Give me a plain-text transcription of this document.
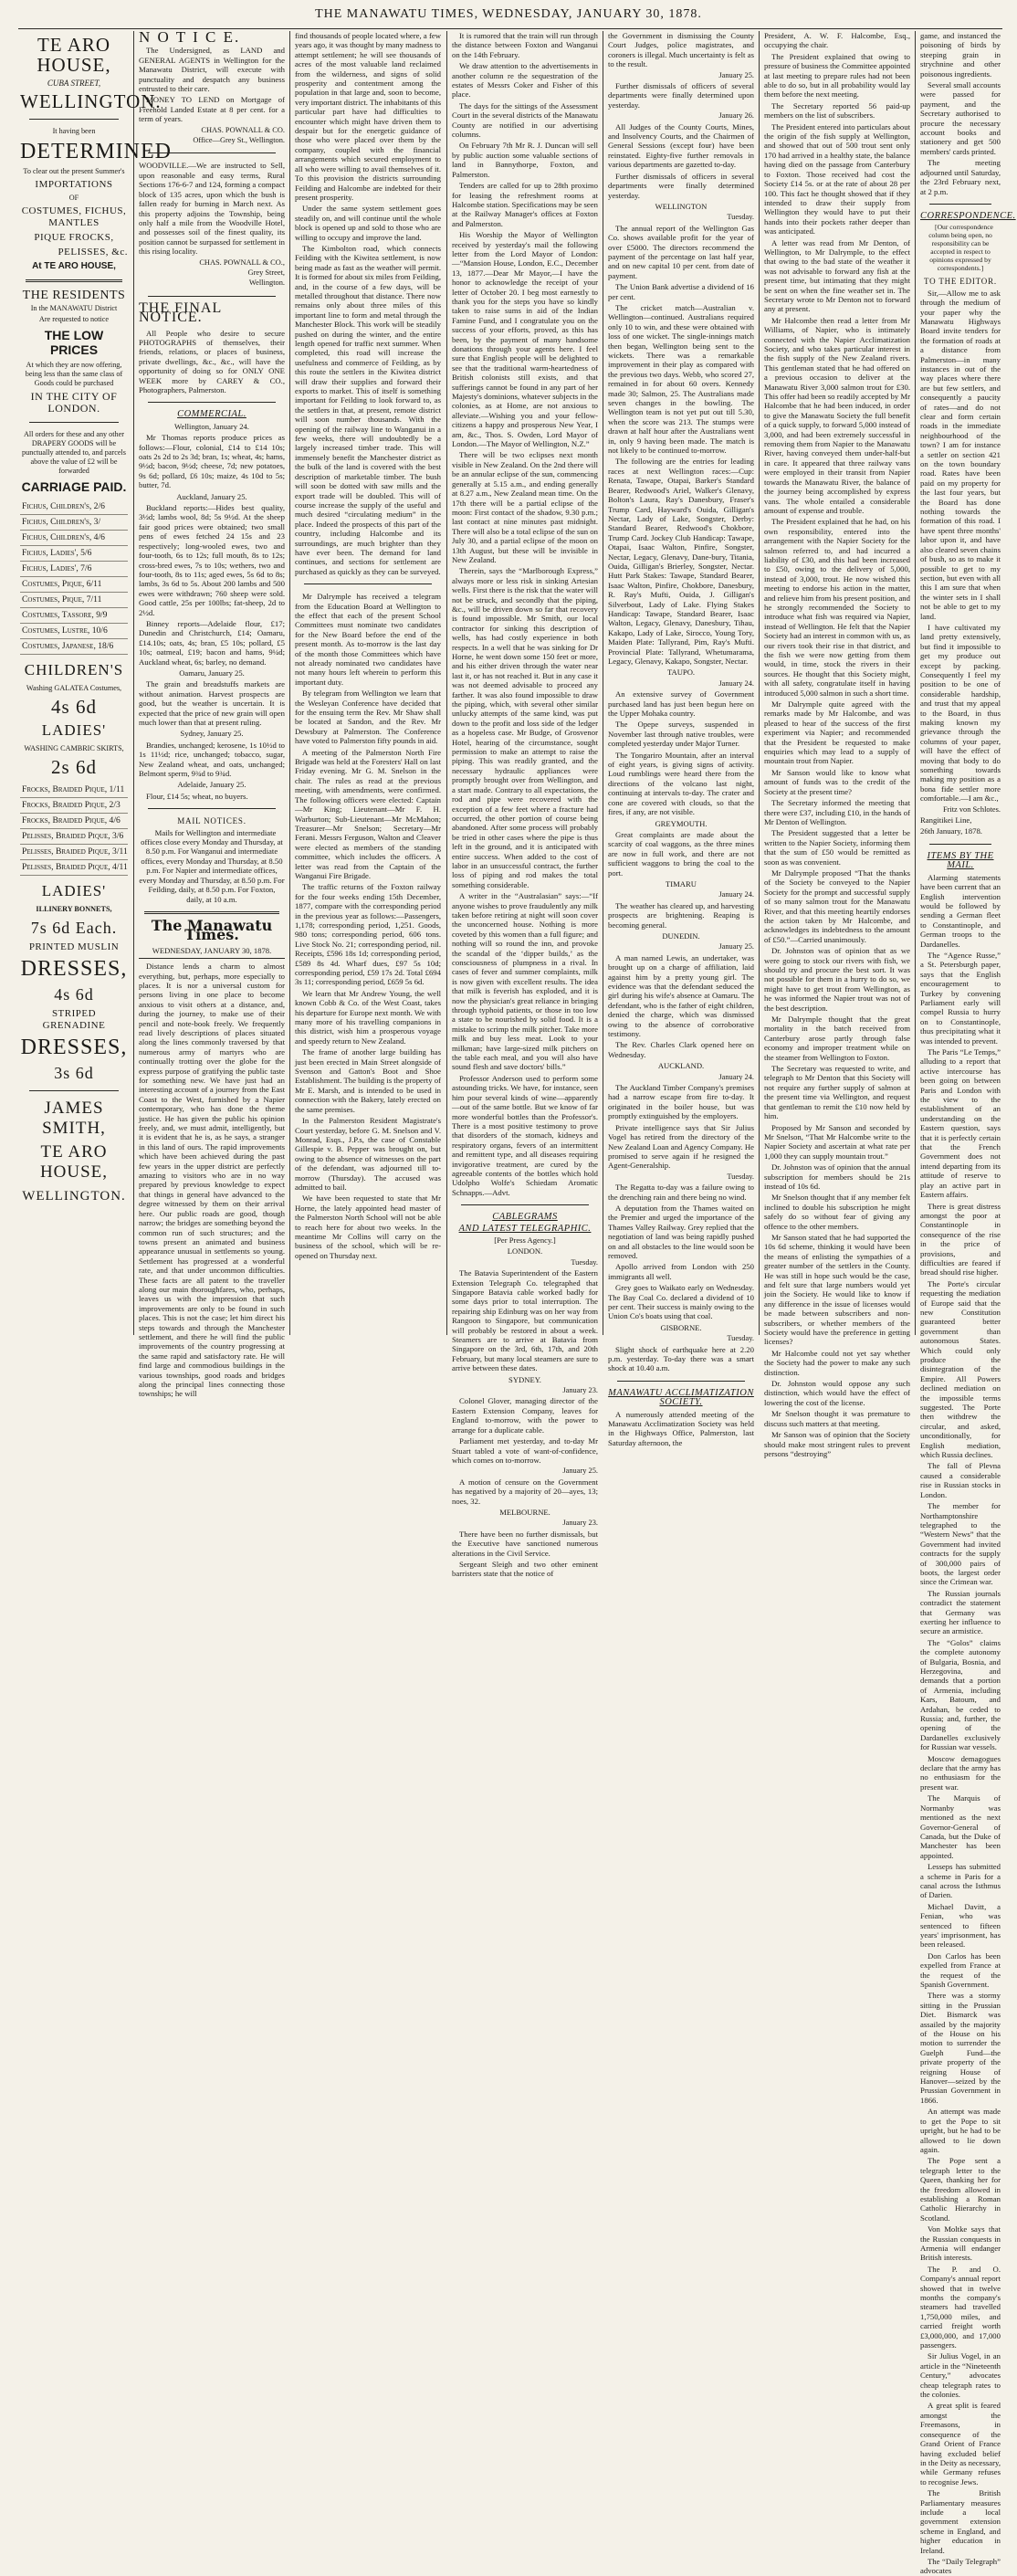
THE MANAWATU TIMES, WEDNESDAY, JANUARY 30, 1878.
TE ARO HOUSE,
CUBA STREET,
WELLINGTON.
It having been
DETERMINED
To clear out the present Summer's
IMPORTATIONS
OF
COSTUMES, FICHUS, MANTLES
PIQUE FROCKS,
PELISSES, &c.
At TE ARO HOUSE,
THE RESIDENTS
In the MANAWATU District
Are requested to notice
THE LOW PRICES
At which they are now offering, being less than the same class of Goods could be purchased
IN THE CITY OF LONDON.
All orders for these and any other DRAPERY GOODS will be punctually attended to, and parcels above the value of £2 will be forwarded
CARRIAGE PAID.
Fichus, Children's, 2/6
Fichus, Children's, 3/
Fichus, Children's, 4/6
Fichus, Ladies', 5/6
Fichus, Ladies', 7/6
Costumes, Pique, 6/11
Costumes, Pique, 7/11
Costumes, Tassore, 9/9
Costumes, Lustre, 10/6
Costumes, Japanese, 18/6
CHILDREN'S
Washing GALATEA Costumes,
4s 6d
LADIES'
WASHING CAMBRIC SKIRTS,
2s 6d
Frocks, Braided Pique, 1/11
Frocks, Braided Pique, 2/3
Frocks, Braided Pique, 4/6
Pelisses, Braided Pique, 3/6
Pelisses, Braided Pique, 3/11
Pelisses, Braided Pique, 4/11
LADIES'
ILLINERY BONNETS,
7s 6d Each.
PRINTED MUSLIN
DRESSES,
4s 6d
STRIPED GRENADINE
DRESSES,
3s 6d
JAMES SMITH,
TE ARO HOUSE,
WELLINGTON.
N O T I C E.
The Undersigned, as LAND and GENERAL AGENTS in Wellington for the Manawatu District, will execute with punctuality and despatch any business entrusted to their care.
MONEY TO LEND on Mortgage of Freehold Landed Estate at 8 per cent. for a term of years.
CHAS. POWNALL & CO.
Office—Grey St., Wellington.
WOODVILLE.—We are instructed to Sell, upon reasonable and easy terms, Rural Sections 176-6-7 and 124, forming a compact block of 135 acres, upon which the bush is fallen ready for burning in March next. As this property adjoins the Township, being only half a mile from the Woodville Hotel, and possesses soil of the finest quality, its position cannot be surpassed for settlement in this rising locality.
CHAS. POWNALL & CO.,
Grey Street,
Wellington.
THE FINAL NOTICE.
All People who desire to secure PHOTOGRAPHS of themselves, their friends, relations, or places of business, private dwellings, &c., &c., will have the opportunity of doing so for ONLY ONE WEEK more by CAREY & CO., Photographers, Palmerston.
COMMERCIAL.
Wellington, January 24.
Mr Thomas reports produce prices as follows:—Flour, colonial, £14 to £14 10s; oats 2s 2d to 2s 3d; bran, 1s; wheat, 4s; hams, 9½d; bacon, 9½d; cheese, 7d; new potatoes, 9s 6d; pollard, £6 10s; maize, 4s 10d to 5s; butter, 7d.
Auckland, January 25.
Buckland reports:—Hides best quality, 3½d; lambs wool, 8d; 5s 9½d. At the sheep fair good prices were obtained; two small pens of ewes fetched 24 15s and 23 respectively; long-wooled ewes, two and four-tooth, 6s to 12s; full mouth, 8s to 12s; cross-bred ewes, 7s to 10s; wethers, two and four-tooth, 8s to 11s; aged ewes, 5s 6d to 8s; lambs, 3s 6d to 5s. About 200 lambs and 500 ewes were withdrawn; 760 sheep were sold. Good cattle, 25s per 100lbs; fat-sheep, 2d to 2½d.
Binney reports—Adelaide flour, £17; Dunedin and Christchurch, £14; Oamaru, £14.10s; oats, 4s; bran, £5 10s; pollard, £5 10s; oatmeal, £19; bacon and hams, 9¼d; Auckland wheat, 6s; barley, no demand.
Oamaru, January 25.
The grain and breadstuffs markets are without animation. Harvest prospects are good, but the weather is uncertain. It is expected that the price of new grain will open much lower than that at present ruling.
Sydney, January 25.
Brandies, unchanged; kerosene, 1s 10½d to 1s 11½d; rice, unchanged; tobacco, sugar, New Zealand wheat, and oats, unchanged; Belmont sperm, 9¾d to 9¾d.
Adelaide, January 25.
Flour, £14 5s; wheat, no buyers.
MAIL NOTICES.
Mails for Wellington and intermediate offices close every Monday and Thursday, at 8.50 p.m. For Wanganui and intermediate offices, every Monday and Thursday, at 8.50 p.m. For Napier and intermediate offices, every Monday and Thursday, at 8.50 p.m. For Feilding, daily, at 8.50 p.m. For Foxton, daily, at 10 a.m.
The Manawatu Times.
WEDNESDAY, JANUARY 30, 1878.
Distance lends a charm to almost everything, but, perhaps, more especially to places. It is nor a universal custom for persons living in one place to become anxious to visit others at a distance, and, during the journey, to make use of their pencil and note-book freely. We frequently read lively descriptions of places situated along the lines commonly traversed by that numerous army of martyrs who are continually trotting over the globe for the express purpose of gratifying the public taste for something new. We have just had an interesting account of a journey from the East Coast to the West, furnished by a Napier contemporary, who has done the theme justice. He has given the public his opinion freely, and, we must admit, intelligently, but it is evident that he is, as he says, a stranger in this land of ours. The rapid improvements which have been achieved during the past few years in the upper district are perfectly amazing to visitors who are in no way prepared by previous knowledge to expect that things in general have advanced to the degree witnessed by them on their arrival here. Our public roads are good, though narrow; the bridges are something beyond the common run of such structures; and the towns present an animated and business appearance unusual in settlements so young. Settlement has progressed at a wonderful rate, and that under uncommon difficulties. These facts are all patent to the traveller along our main thoroughfares, who, perhaps, leaves us with the impression that such improvements are only to be found in such places. This is not the case; let him direct his steps towards and through the Manchester settlement, and there he will find the public improvements of the country progressing at the same rapid and satisfactory rate. He will find large and commodious buildings in the various townships, good roads and bridges along the principal lines connecting those townships; he will
find thousands of people located where, a few years ago, it was thought by many madness to attempt settlement; he will see thousands of acres of the most valuable land reclaimed from the wilderness, and signs of solid prosperity and contentment among the population in that large and, soon to become, very important district. The inhabitants of this particular part have had difficulties to encounter which might have driven them to despair but for the energetic guidance of those who were placed over them by the company, coupled with the financial arrangements which secured employment to all who were willing to avail themselves of it. To this provision the districts surrounding Feilding and Halcombe are indebted for their present prosperity.
Under the same system settlement goes steadily on, and will continue until the whole block is opened up and sold to those who are willing to occupy and improve the land.
The Kimbolton road, which connects Feilding with the Kiwitea settlement, is now being made as fast as the weather will permit. It is formed for about six miles from Feilding, and, in the course of a few days, will be metalled throughout that distance. There now remains only about three miles of this important line to form and metal through the Manchester Block. This work will be steadily pushed on during the winter, and the entire length opened for traffic next summer. When completed, this road will increase the usefulness and commerce of Feilding, as by this route the settlers in the Kiwitea district will draw their supplies and forward their exports to market. This of itself is something important for Feilding to look forward to, as the settlers in that, at present, remote district will soon number thousands. With the opening of the railway line to Wanganui in a few weeks, there will undoubtedly be a largely increased timber trade. This will immensely benefit the Manchester district as the bulk of the land is covered with the best description of marketable timber. The bush will soon be dotted with saw mills and the export trade will be doubled. This will of course increase the supply of the useful and much desired “circulating medium” in the place. Indeed the prospects of this part of the country, including Halcombe and its surroundings, are much brighter than they have ever been. The demand for land continues, and sections for settlement are purchased as quickly as they can be surveyed.
Mr Dalrymple has received a telegram from the Education Board at Wellington to the effect that each of the present School Committees must nominate two candidates for the New Board before the end of the present month. As to-morrow is the last day of the month those Committees which have not already nominated two candidates have not many hours left wherein to perform this important duty.
By telegram from Wellington we learn that the Wesleyan Conference have decided that for the ensuing term the Rev. Mr Shaw shall be located at Sandon, and the Rev. Mr Dewsbury at Palmerston. The Conference have voted to Palmerston fifty pounds in aid.
A meeting of the Palmerston North Fire Brigade was held at the Foresters' Hall on last Friday evening. Mr G. M. Snelson in the chair. The rules as read at the previous meeting, with amendments, were confirmed. The following officers were elected: Captain—Mr King; Lieutenant—Mr F. H. Warburton; Sub-Lieutenant—Mr McMahon; Treasurer—Mr Snelson; Secretary—Mr Ferani. Messrs Ferguson, Walton and Cleaver were elected as members of the standing committee, which includes the officers. A letter was read from the Captain of the Wanganui Fire Brigade.
The traffic returns of the Foxton railway for the four weeks ending 15th December, 1877, compare with the corresponding period in the previous year as follows:—Passengers, 1,178; corresponding period, 1,251. Goods, 980 tons; corresponding period, 606 tons. Live Stock No. 21; corresponding period, nil. Receipts, £596 18s 1d; corresponding period, £589 8s 4d. Wharf dues, £97 5s 10d; corresponding period, £59 17s 2d. Total £694 3s 11; corresponding period, £659 5s 6d.
We learn that Mr Andrew Young, the well known Cobb & Co. of the West Coast, takes his departure for Europe next month. We with many more of his travelling companions in this district, wish him a prosperous voyage and speedy return to New Zealand.
The frame of another large building has just been erected in Main Street alongside of Svenson and Gatton's Boot and Shoe Establishment. The building is the property of Mr E. Marsh, and is intended to be used in connection with the Bakery, lately erected on the same premises.
In the Palmerston Resident Magistrate's Court yesterday, before G. M. Snelson and V. Monrad, Esqs., J.P.s, the case of Constable Gillespie v. B. Pepper was brought on, but owing to the absence of witnesses on the part of the defendant, was adjourned till to-morrow (Thursday). The accused was admitted to bail.
We have been requested to state that Mr Horne, the lately appointed head master of the Palmerston North School will not be able to reach here for about two weeks. In the meantime Mr Collins will carry on the business of the school, which will be re-opened on Thursday next.
It is rumored that the train will run through the distance between Foxton and Wanganui on the 14th February.
We draw attention to the advertisements in another column re the sequestration of the estates of Messrs Coker and Fisher of this place.
The days for the sittings of the Assessment Court in the several districts of the Manawatu County are notified in our advertising columns.
On February 7th Mr R. J. Duncan will sell by public auction some valuable sections of land in Bannythorpe, Foxton, and Palmerston.
Tenders are called for up to 28th proximo for leasing the refreshment rooms at Halcombe station. Specifications may be seen at the Railway Manager's offices at Foxton and Palmerston.
His Worship the Mayor of Wellington received by yesterday's mail the following letter from the Lord Mayor of London:—“Mansion House, London, E.C., December 13, 1877.—Dear Mr Mayor,—I have the honor to acknowledge the receipt of your letter of October 20. I beg most earnestly to thank you for the steps you have so kindly taken to raise sums in aid of the Indian Famine Fund, and I congratulate you on the success of your efforts, proved, as this has been, by the payment of many handsome donations through your agents here. I feel sure that English people will be delighted to see that the traditional warm-heartedness of British colonists still exists, and that sufferings cannot be found in any part of her Majesty's dominions, whatever subjects in the colonies, as at Home, are not anxious to alleviate.—Wishing you and your fellow-citizens a happy and prosperous New Year, I am, &c., Thos. S. Owden, Lord Mayor of London.—The Mayor of Wellington, N.Z.”
There will be two eclipses next month visible in New Zealand. On the 2nd there will be an annular eclipse of the sun, commencing generally at 5.15 a.m., and ending generally at 8.27 a.m., New Zealand mean time. On the 17th there will be a partial eclipse of the moon: First contact of the shadow, 9.30 p.m.; last contact at nine minutes past midnight. There will also be a total eclipse of the sun on July 30, and a partial eclipse of the moon on 13th August, but these will be invisible in New Zealand.
Therein, says the “Marlborough Express,” always more or less risk in sinking Artesian wells. First there is the risk that the water will not be struck, and secondly that the piping, &c., will be driven down so far that recovery is found impossible. Mr Smith, our local contractor for sinking this description of wells, has had costly experience in both respects. In a well that he was sinking for Dr Horne, he went down some 150 feet or more, and his either driven through the water near last it, or has not reached it. But in any case it was not deemed advisable to proceed any farther. It was also found impossible to draw the piping, which, with several other similar unlucky attempts of the same kind, was put down to the profit and loss side of the ledger as a hopeless case. Mr Budge, of Grosvenor Hotel, hearing of the circumstance, sought permission to make an attempt to raise the piping. This was readily granted, and the necessary hydraulic appliances were promptly brought over from Wellington, and a start made. Contrary to all expectations, the rod and pipe were recovered with the exception of a few feet where a fracture had occurred, the other portion of course being abandoned. After some process will probably be tried in other cases where the pipe is thus left in the ground, and it is anticipated with entire success. When added to the cost of labor in an unsuccessful contract, the further loss of piping and rod makes the total something considerable.
A writer in the “Australasian” says:—“If anyone wishes to prove fraudulently any milk taken before retiring at night will soon cover the unconcerned house. Nothing is more coveted by this women than a full figure; and nothing will so round the inn, and provoke the scandal of the ‘dipper builds,’ as the consciousness of plumpness in a rival. In cases of fever and summer complaints, milk is now given with excellent results. The idea that milk is feverish has exploded, and it is now the physician's great reliance in bringing through typhoid patients, or those in too low a state to be nourished by solid food. It is a mistake to scrimp the milk pitcher. Take more milk and buy less meat. Look to your milkman; have large-sized milk pitchers on the table each meal, and you will also have sound flesh and save doctors' bills.”
Professor Anderson used to perform some astounding tricks. We have, for instance, seen him pour several kinds of wine—apparently—out of the same bottle. But we know of far more wonderful bottles than the Professor's. There is a most positive testimony to prove that disorders of the stomach, kidneys and respiratory organs, fevers of an intermittent and remittent type, and all diseases requiring invigorative treatment, are cured by the agreeable contents of the bottles which hold Udolpho Wolfe's Schiedam Aromatic Schnapps.—Advt.
CABLEGRAMS
AND LATEST TELEGRAPHIC.
[Per Press Agency.]
LONDON.
Tuesday.
The Batavia Superintendent of the Eastern Extension Telegraph Co. telegraphed that Singapore Batavia cable worked badly for some days prior to total interruption. The repairing ship Edinburg was on her way from Rangoon to Singapore, but communication will probably be restored in about a week. Steamers are to arrive at Batavia from Singapore on the 3rd, 6th, 17th, and 20th February, but many local steamers are sure to arrive between these dates.
SYDNEY.
January 23.
Colonel Glover, managing director of the Eastern Extension Company, leaves for England to-morrow, with the power to arrange for a duplicate cable.
Parliament met yesterday, and to-day Mr Stuart tabled a vote of want-of-confidence, which comes on to-morrow.
January 25.
A motion of censure on the Government has negatived by a majority of 20—ayes, 13; noes, 32.
MELBOURNE.
January 23.
There have been no further dismissals, but the Executive have sanctioned numerous alterations in the Civil Service.
Sergeant Sleigh and two other eminent barristers state that the notice of
the Government in dismissing the County Court Judges, police magistrates, and coroners is illegal. Much uncertainty is felt as to the result.
January 25.
Further dismissals of officers of several departments were finally determined upon yesterday.
January 26.
All Judges of the County Courts, Mines, and Insolvency Courts, and the Chairmen of General Sessions (except four) have been reinstated. Eighty-five further removals in various departments are gazetted to-day.
Further dismissals of officers in several departments were finally determined yesterday.
WELLINGTON
Tuesday.
The annual report of the Wellington Gas Co. shows available profit for the year of over £5000. The directors recommend the payment of the percentage on last half year, and on new capital 10 per cent. from date of payment.
The Union Bank advertise a dividend of 16 per cent.
The cricket match—Australian v. Wellington—continued. Australians required only 10 to win, and these were obtained with loss of one wicket. The single-innings match then began, Wellington being sent to the wickets. There was a remarkable improvement in their play as compared with the previous two days. Webb, who scored 27, remained in for about 60 overs. Kennedy made 30; Salmon, 25. The Australians made seven changes in the bowling. The Wellington team is not yet put out till 5.30, when the score was 213. The stumps were drawn at half hour after the Australians went in, only 9 having been made. The match is not likely to be continued to-morrow.
The following are the entries for leading races at next Wellington races:—Cup: Renata, Tawape, Otapai, Barker's Standard Bearer, Redwood's Ariel, Walker's Glenavy, Bolton's Laura, Ray's Danesbury, Fraser's Trump Card, Hayward's Ouida, Gilligan's Nectar, Lady of Lake, Songster, Derby: Standard Bearer, Redwood's Chokbore, Trump Card. Jockey Club Handicap: Tawape, Otapai, Isaac Walton, Pinfire, Songster, Nectar, Legacy, Glenavy, Dane-bury, Titania, Ouida, Gilligan's Brierley, Songster, Nectar. Hutt Park Stakes: Tawape, Standard Bearer, Isaac Walton, Pinfire, Chokbore, Danesbury, R. Ray's Mufti, Ouida, J. Gilligan's Silverbout, Lady of Lake. Flying Stakes Handicap: Tawape, Standard Bearer, Isaac Walton, Legacy, Glenavy, Danesbury, Tihau, Kakapo, Lady of Lake, Sirocco, Young Tory, Maiden Plate: Tallyrand, Pim, Ray's Mufti. Provincial Plate: Tallyrand, Whetumarama, Legacy, Glenavy, Kakapo, Songster, Nectar.
TAUPO.
January 24.
An extensive survey of Government purchased land has just been begun here on the Upper Mohaka country.
The Opepe surveys, suspended in November last through native troubles, were completed yesterday under Major Turner.
The Tongariro Mountain, after an interval of eight years, is giving signs of activity. Loud rumblings were heard there from the directions of the volcano last night, continuing at intervals to-day. The crater and cone are covered with clouds, so that the fires, if any, are not visible.
GREYMOUTH.
Great complaints are made about the scarcity of coal waggons, as the three mines are now in full work, and there are not sufficient waggons to bring the coal to the port.
TIMARU
January 24.
The weather has cleared up, and harvesting prospects are brightening. Reaping is becoming general.
DUNEDIN.
January 25.
A man named Lewis, an undertaker, was brought up on a charge of affiliation, laid against him by a pretty young girl. The evidence was that the defendant seduced the girl during his wife's absence at Oamaru. The defendant, who is the father of eight children, denied the charge, which was dismissed owing to the absence of corroborative testimony.
The Rev. Charles Clark opened here on Wednesday.
AUCKLAND.
January 24.
The Auckland Timber Company's premises had a narrow escape from fire to-day. It originated in the boiler house, but was promptly extinguished by the employers.
Private intelligence says that Sir Julius Vogel has retired from the directory of the New Zealand Loan and Agency Company. He promised to serve again if he resigned the Agent-Generalship.
Tuesday.
The Regatta to-day was a failure owing to the drenching rain and there being no wind.
A deputation from the Thames waited on the Premier and urged the importance of the Thames Valley Railway. Grey replied that the negotiation of land was being rapidly pushed on and all obstacles to the line would soon be removed.
Apollo arrived from London with 250 immigrants all well.
Grey goes to Waikato early on Wednesday. The Bay Coal Co. declared a dividend of 10 per cent. Their success is mainly owing to the Union Co's boats using that coal.
GISBORNE.
Tuesday.
Slight shock of earthquake here at 2.20 p.m. yesterday. To-day there was a smart shock at 10.40 a.m.
MANAWATU ACCLIMATIZATION SOCIETY.
A numerously attended meeting of the Manawatu Acclimatization Society was held in the Highways Office, Palmerston, last Saturday afternoon, the
President, A. W. F. Halcombe, Esq., occupying the chair.
The President explained that owing to pressure of business the Committee appointed at last meeting to prepare rules had not been able to do so, but in all probability would lay them before the next meeting.
The Secretary reported 56 paid-up members on the list of subscribers.
The President entered into particulars about the origin of the fish supply at Wellington, and showed that out of 500 trout sent only 170 had arrived in a healthy state, the balance having died on the passage from Canterbury to Foxton. Those received had cost the Society £14 5s. or at the rate of about 28 per 100. This fact he thought showed that if they intended to draw their supply from Wellington they would have to put their hands into their pockets rather deeper than was anticipated.
A letter was read from Mr Denton, of Wellington, to Mr Dalrymple, to the effect that owing to the bad state of the weather it was not advisable to forward any fish at the present time, but intimating that they might be sent on when the fine weather set in. The Secretary wrote to Mr Denton not to forward any at present.
Mr Halcombe then read a letter from Mr Williams, of Napier, who is intimately connected with the Napier Acclimatization Society, and who takes particular interest in the fish supply of the New Zealand rivers. This gentleman stated that he had offered on a previous occasion to deliver at the Manawatu River 3,000 salmon trout for £30. This offer had been so readily accepted by Mr Halcombe that he had been induced, in order to give the Manawatu Society the full benefit of a quick supply, to forward 5,000 instead of 3,000, and had been extremely successful in removing them from Napier to the Manawatu River, having conveyed them under-half-but in care. It appeared that three railway vans were employed in their transit from Napier towards the Manawatu River, the balance of the journey being accomplished by express vans. The whole entailed a considerable amount of expense and trouble.
The President explained that he had, on his own responsibility, entered into the arrangement with the Napier Society for the salmon referred to, and had incurred a liability of £30, and this had been increased to £50, owing to the delivery of 5,000, instead of 3,000, trout. He now wished this meeting to endorse his action in the matter, and relieve him from his present position, and he strongly recommended the Society to introduce what fish was required via Napier, instead of Wellington. He felt that the Napier Society had an interest in common with us, as our rivers took their rise in that district, and the fish we were now getting from them would, in time, stock the rivers in their sources. He thought that this Society might, with all safety, congratulate itself in having introduced 5,000 salmon in such a short time.
Mr Dalrymple quite agreed with the remarks made by Mr Halcombe, and was pleased to hear of the success of the first experiment via Napier; and recommended that the President be requested to make enquiries which may lead to a supply of mountain trout from Napier.
Mr Sanson would like to know what amount of funds was to the credit of the Society at the present time?
The Secretary informed the meeting that there were £37, including £10, in the hands of Mr Denton of Wellington.
The President suggested that a letter be written to the Napier Society, informing them that the sum of £50 would be remitted as soon as was convenient.
Mr Dalrymple proposed “That the thanks of the Society be conveyed to the Napier Society for the prompt and successful supply of so many salmon trout for the Manawatu River, and that this meeting heartily endorses the action taken by Mr Halcombe, and acknowledges its indebtedness to the amount of £50.”—Carried unanimously.
Dr. Johnston was of opinion that as we were going to stock our rivers with fish, we should try and procure the best sort. It was not possible for them in a hurry to do so, we might have to get trout from Wellington, as he was informed the Napier trout was not of the best description.
Mr Dalrymple thought that the great mortality in the batch received from Canterbury arose partly through false economy and improper treatment while on the steamer from Wellington to Foxton.
The Secretary was requested to write, and telegraph to Mr Denton that this Society will not require any further supply of salmon at the present time via Wellington, and request that gentleman to remit the £10 now held by him.
Proposed by Mr Sanson and seconded by Mr Snelson, “That Mr Halcombe write to the Napier Society and ascertain at what rate per 1,000 they can supply mountain trout.”
Dr. Johnston was of opinion that the annual subscription for members should be 21s instead of 10s 6d.
Mr Snelson thought that if any member felt inclined to double his subscription he might safely do so without fear of giving any offence to the other members.
Mr Sanson stated that he had supported the 10s 6d scheme, thinking it would have been the means of enlisting the sympathies of a greater number of the settlers in the County. He was still in hope such would be the case, and felt sure that large numbers would yet join the Society. He would like to know if any difference in the issue of licenses would be made between subscribers and non-subscribers, or whether members of the Society would have the preference in getting licenses?
Mr Halcombe could not yet say whether the Society had the power to make any such distinction.
Dr. Johnston would oppose any such distinction, which would have the effect of lowering the cost of the license.
Mr Snelson thought it was premature to discuss such matters at that meeting.
Mr Sanson was of opinion that the Society should make most stringent rules to prevent persons “destroying”
game, and instanced the poisoning of birds by steeping grain in strychnine and other poisonous ingredients.
Several small accounts were passed for payment, and the Secretary authorised to procure the necessary account books and stationery and get 500 members' cards printed.
The meeting adjourned until Saturday, the 23rd February next, at 2 p.m.
CORRESPONDENCE.
[Our correspondence column being open, no responsibility can be accepted in respect to opinions expressed by correspondents.]
TO THE EDITOR.
Sir,—Allow me to ask through the medium of your paper why the Manawatu Highways Board invite tenders for the formation of roads at a distance from Palmerston—in many instances in out of the way places where there are but few settlers, and consequently a paucity of rates—and do not clear and form certain roads in the immediate neighbourhood of the town? I am for instance a settler on section 421 on the town boundary road. Rates have been paid on my property for the last four years, but the Board has done nothing towards the formation of this road. I have spent three months' labor upon it, and have also cleared seven chains of bush, so as to make it possible to get to my section, but even with all this I am sure that when the winter sets in I shall not be able to get to my land.
I have cultivated my land pretty extensively, but find it impossible to get my produce out except by packing. Consequently I feel my position to be one of considerable hardship, and trust that my appeal to the Board, in thus making known my grievance through the columns of your paper, will have the effect of moving that body to do something towards making my position as a bona fide settler more comfortable.—I am &c.,
Fritz von Schlotes.
Rangitikei Line,
26th January, 1878.
ITEMS BY THE MAIL.
Alarming statements have been current that an English intervention would be followed by sending a German fleet to Constantinople, and German troops to the Dardanelles.
The “Agence Russe,” a St. Petersburgh paper, says that the English encouragement to Turkey by convening Parliament early will compel Russia to hurry on to Constantinople, thus precipitating what it was intended to prevent.
The Paris “Le Temps,” alluding to a report that active intercourse has been going on between Paris and London with the view to the establishment of an understanding on the Eastern question, says that it is perfectly certain that the French Government does not intend departing from its attitude of reserve to play an active part in Eastern affairs.
There is great distress amongst the poor at Constantinople in consequence of the rise in the price of provisions, and difficulties are feared if bread should rise higher.
The Porte's circular requesting the mediation of Europe said that the new Constitution guaranteed better government than autonomous States. Which could only produce the disintegration of the Empire. All Powers declined mediation on the impossible terms suggested. The Porte then withdrew the circular, and asked, unconditionally, for English mediation, which Russia declines.
The fall of Plevna caused a considerable rise in Russian stocks in London.
The member for Northamptonshire telegraphed to the “Western News” that the Government had invited contracts for the supply of 300,000 pairs of boots, the largest order since the Crimean war.
The Russian journals contradict the statement that Germany was exerting her influence to secure an armistice.
The “Golos” claims the complete autonomy of Bulgaria, Bosnia, and Herzegovina, and demands that a portion of Armenia, including Kars, Batoum, and Ardahan, be ceded to Russia; and, further, the opening of the Dardanelles exclusively for Russian war vessels.
Moscow demagogues declare that the army has no enthusiasm for the present war.
The Marquis of Normanby was mentioned as the next Governor-General of Canada, but the Duke of Manchester has been appointed.
Lesseps has submitted a scheme in Paris for a canal across the Isthmus of Darien.
Michael Davitt, a Fenian, who was sentenced to fifteen years' imprisonment, has been released.
Don Carlos has been expelled from France at the request of the Spanish Government.
There was a stormy sitting in the Prussian Diet. Bismarck was assailed by the majority of the House on his motion to surrender the Guelph Fund—the private property of the reigning House of Hanover—seized by the Prussian Government in 1866.
An attempt was made to get the Pope to sit upright, but he had to be allowed to lie down again.
The Pope sent a telegraph letter to the Queen, thanking her for the freedom allowed in establishing a Roman Catholic Hierarchy in Scotland.
Von Moltke says that the Russian conquests in Armenia will endanger British interests.
The P. and O. Company's annual report showed that in twelve months the company's steamers had travelled 1,750,000 miles, and carried freight worth £3,000,000, and 17,000 passengers.
Sir Julius Vogel, in an article in the “Nineteenth Century,” advocates cheap telegraph rates to the colonies.
A great split is feared amongst the Freemasons, in consequence of the Grand Orient of France having excluded belief in the Deity as necessary, while Germany refuses to recognise Jews.
The British Parliamentary measures include a local government extension scheme in England, and higher education in Ireland.
The “Daily Telegraph” advocates
